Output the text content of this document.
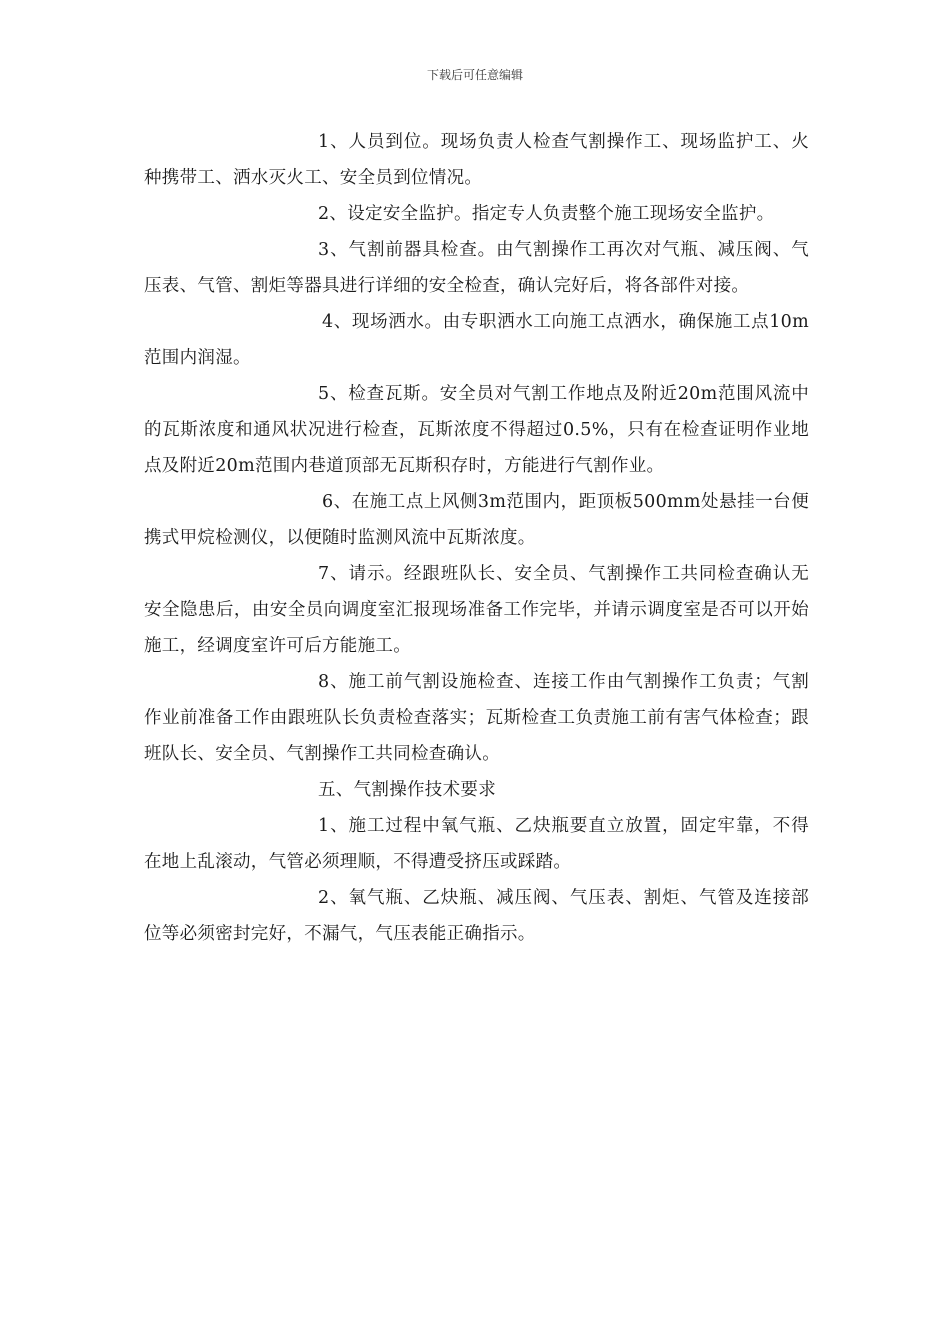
下载后可任意编辑

1、人员到位。现场负责人检查气割操作工、现场监护工、火种携带工、洒水灭火工、安全员到位情况。

2、设定安全监护。指定专人负责整个施工现场安全监护。

3、气割前器具检查。由气割操作工再次对气瓶、减压阀、气压表、气管、割炬等器具进行详细的安全检查，确认完好后，将各部件对接。

4、现场洒水。由专职洒水工向施工点洒水，确保施工点10m范围内润湿。

5、检查瓦斯。安全员对气割工作地点及附近20m范围风流中的瓦斯浓度和通风状况进行检查，瓦斯浓度不得超过0.5%，只有在检查证明作业地点及附近20m范围内巷道顶部无瓦斯积存时，方能进行气割作业。

6、在施工点上风侧3m范围内，距顶板500mm处悬挂一台便携式甲烷检测仪，以便随时监测风流中瓦斯浓度。

7、请示。经跟班队长、安全员、气割操作工共同检查确认无安全隐患后，由安全员向调度室汇报现场准备工作完毕，并请示调度室是否可以开始施工，经调度室许可后方能施工。

8、施工前气割设施检查、连接工作由气割操作工负责；气割作业前准备工作由跟班队长负责检查落实；瓦斯检查工负责施工前有害气体检查；跟班队长、安全员、气割操作工共同检查确认。

五、气割操作技术要求

1、施工过程中氧气瓶、乙炔瓶要直立放置，固定牢靠，不得在地上乱滚动，气管必须理顺，不得遭受挤压或踩踏。

2、氧气瓶、乙炔瓶、减压阀、气压表、割炬、气管及连接部位等必须密封完好，不漏气，气压表能正确指示。
